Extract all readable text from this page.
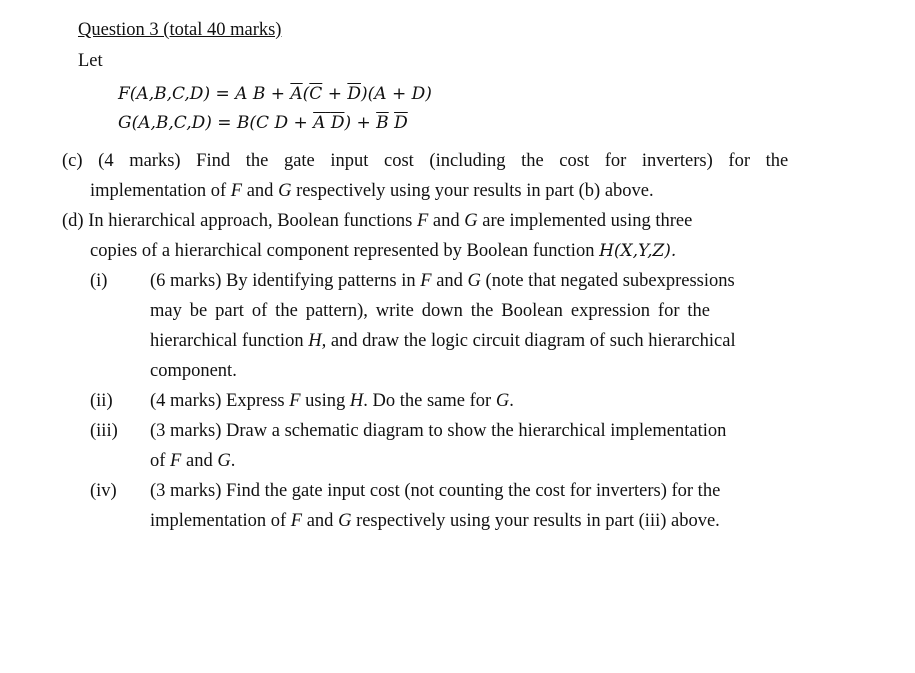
Question 3 (total 40 marks)
Let
F(A,B,C,D) = A $B + \overline{A}(\overline{C} + \overline{D})(A + D)$
G(A,B,C,D) = B(C $D + \overline{A}$ $\overline{D}) + \overline{B}$ $\overline{D}$
(c) (4 marks) Find the gate input cost (including the cost for inverters) for the
implementation of F and G respectively using your results in part (b) above.
(d) In hierarchical approach, Boolean functions F and G are implemented using three
copies of a hierarchical component represented by Boolean function H(X,Y,Z).
(i) (6 marks) By identifying patterns in F and G (note that negated subexpressions
may be part of the pattern), write down the Boolean expression for the
hierarchical function H, and draw the logic circuit diagram of such hierarchical
component.
(ii) (4 marks) Express F using H. Do the same for G.
(iii) (3 marks) Draw a schematic diagram to show the hierarchical implementation
of F and G.
(iv) (3 marks) Find the gate input cost (not counting the cost for inverters) for the
implementation of F and G respectively using your results in part (iii) above.
